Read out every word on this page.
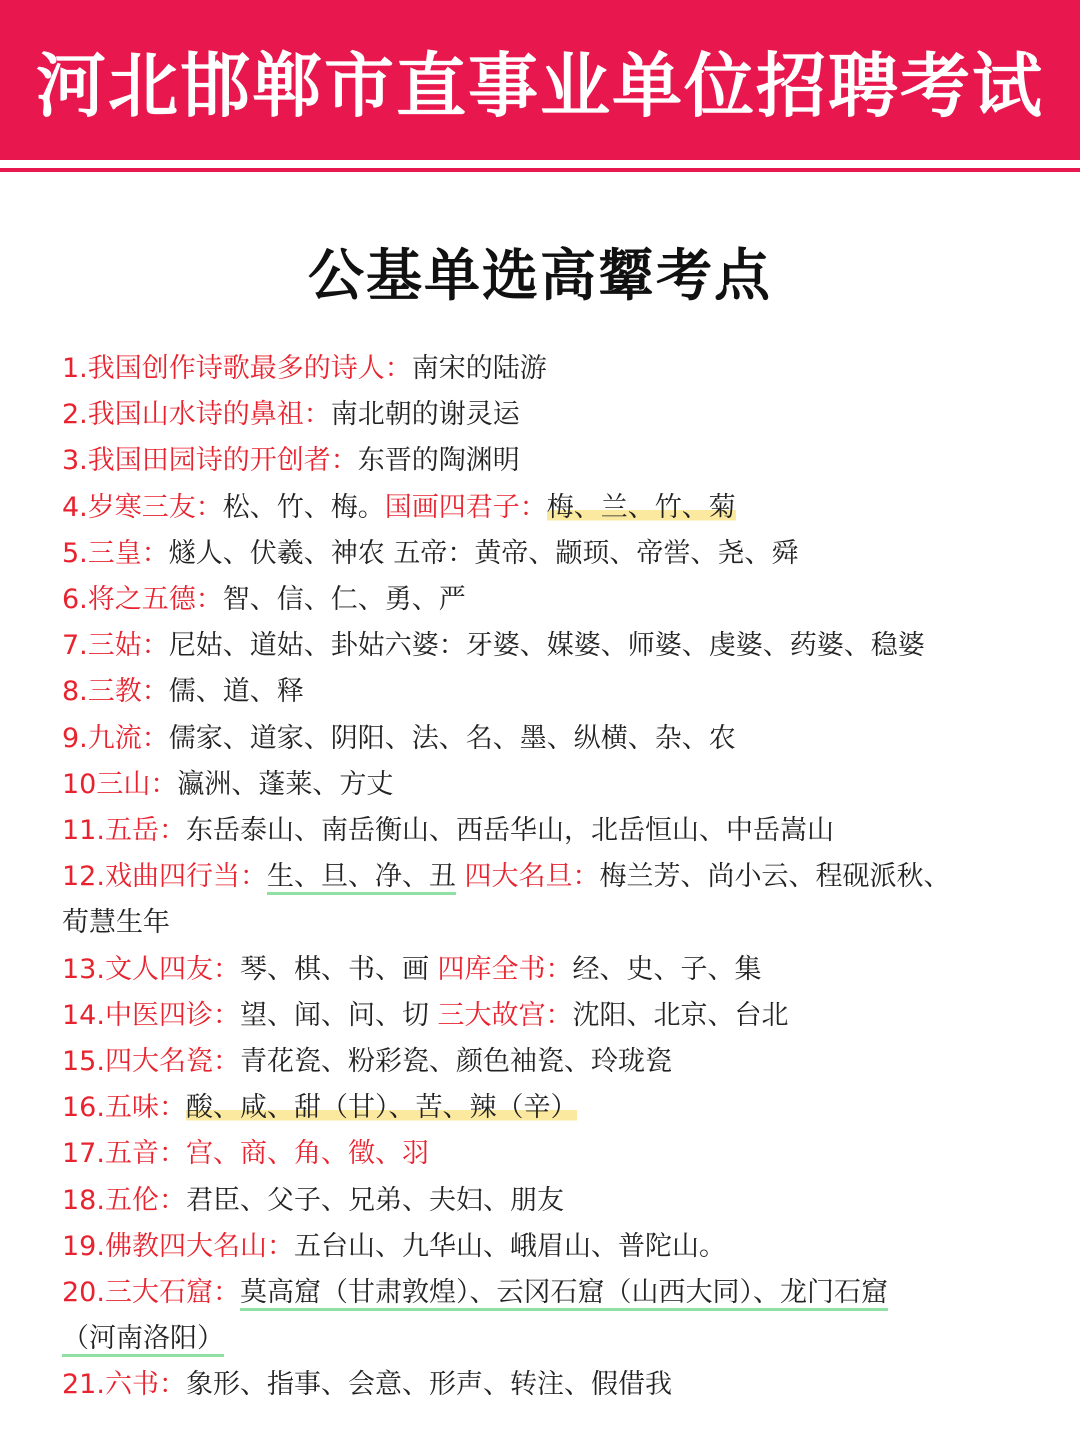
河北邯郸市直事业单位招聘考试
公基单选高颦考点
1.我国创作诗歌最多的诗人：南宋的陆游
2.我国山水诗的鼻祖：南北朝的谢灵运
3.我国田园诗的开创者：东晋的陶渊明
4.岁寒三友：松、竹、梅。国画四君子：梅、兰、竹、菊
5.三皇：燧人、伏羲、神农 五帝：黄帝、颛顼、帝喾、尧、舜
6.将之五德：智、信、仁、勇、严
7.三姑：尼姑、道姑、卦姑六婆：牙婆、媒婆、师婆、虔婆、药婆、稳婆
8.三教：儒、道、释
9.九流：儒家、道家、阴阳、法、名、墨、纵横、杂、农
10三山：瀛洲、蓬莱、方丈
11.五岳：东岳泰山、南岳衡山、西岳华山，北岳恒山、中岳嵩山
12.戏曲四行当：生、旦、净、丑 四大名旦：梅兰芳、尚小云、程砚派秋、
荀慧生年
13.文人四友：琴、棋、书、画 四库全书：经、史、子、集
14.中医四诊：望、闻、问、切 三大故宫：沈阳、北京、台北
15.四大名瓷：青花瓷、粉彩瓷、颜色袖瓷、玲珑瓷
16.五味：酸、咸、甜（甘）、苦、辣（辛）
17.五音：宫、商、角、徵、羽
18.五伦：君臣、父子、兄弟、夫妇、朋友
19.佛教四大名山：五台山、九华山、峨眉山、普陀山。
20.三大石窟：莫高窟（甘肃敦煌）、云冈石窟（山西大同）、龙门石窟
（河南洛阳）
21.六书：象形、指事、会意、形声、转注、假借我
